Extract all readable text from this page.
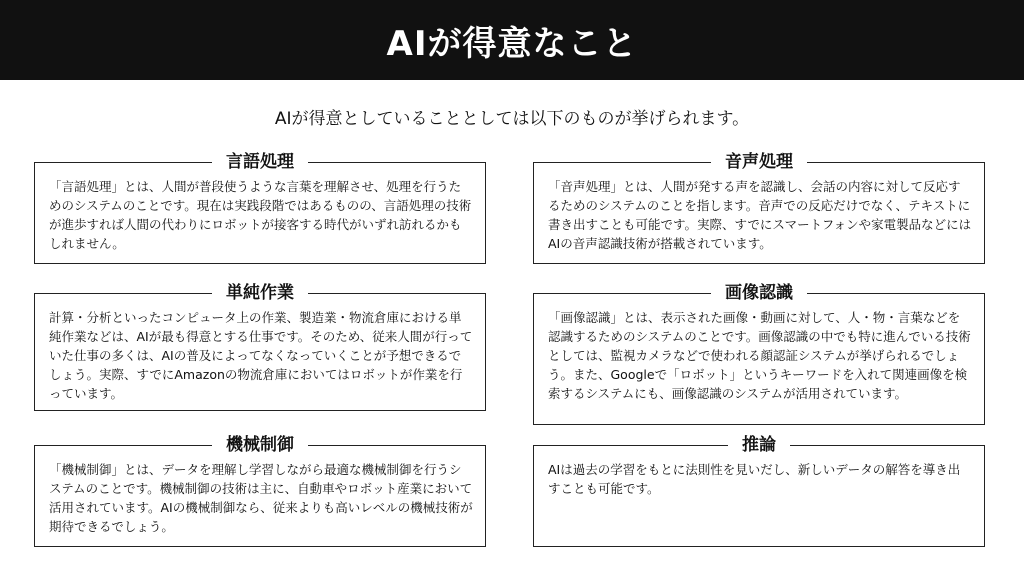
AIが得意なこと
AIが得意としていることとしては以下のものが挙げられます。
言語処理
「言語処理」とは、人間が普段使うような言葉を理解させ、処理を行うためのシステムのことです。現在は実践段階ではあるものの、言語処理の技術が進歩すれば人間の代わりにロボットが接客する時代がいずれ訪れるかもしれません。
音声処理
「音声処理」とは、人間が発する声を認識し、会話の内容に対して反応するためのシステムのことを指します。音声での反応だけでなく、テキストに書き出すことも可能です。実際、すでにスマートフォンや家電製品などにはAIの音声認識技術が搭載されています。
単純作業
計算・分析といったコンピュータ上の作業、製造業・物流倉庫における単純作業などは、AIが最も得意とする仕事です。そのため、従来人間が行っていた仕事の多くは、AIの普及によってなくなっていくことが予想できるでしょう。実際、すでにAmazonの物流倉庫においてはロボットが作業を行っています。
画像認識
「画像認識」とは、表示された画像・動画に対して、人・物・言葉などを認識するためのシステムのことです。画像認識の中でも特に進んでいる技術としては、監視カメラなどで使われる顔認証システムが挙げられるでしょう。また、Googleで「ロボット」というキーワードを入れて関連画像を検索するシステムにも、画像認識のシステムが活用されています。
機械制御
「機械制御」とは、データを理解し学習しながら最適な機械制御を行うシステムのことです。機械制御の技術は主に、自動車やロボット産業において活用されています。AIの機械制御なら、従来よりも高いレベルの機械技術が期待できるでしょう。
推論
AIは過去の学習をもとに法則性を見いだし、新しいデータの解答を導き出すことも可能です。
